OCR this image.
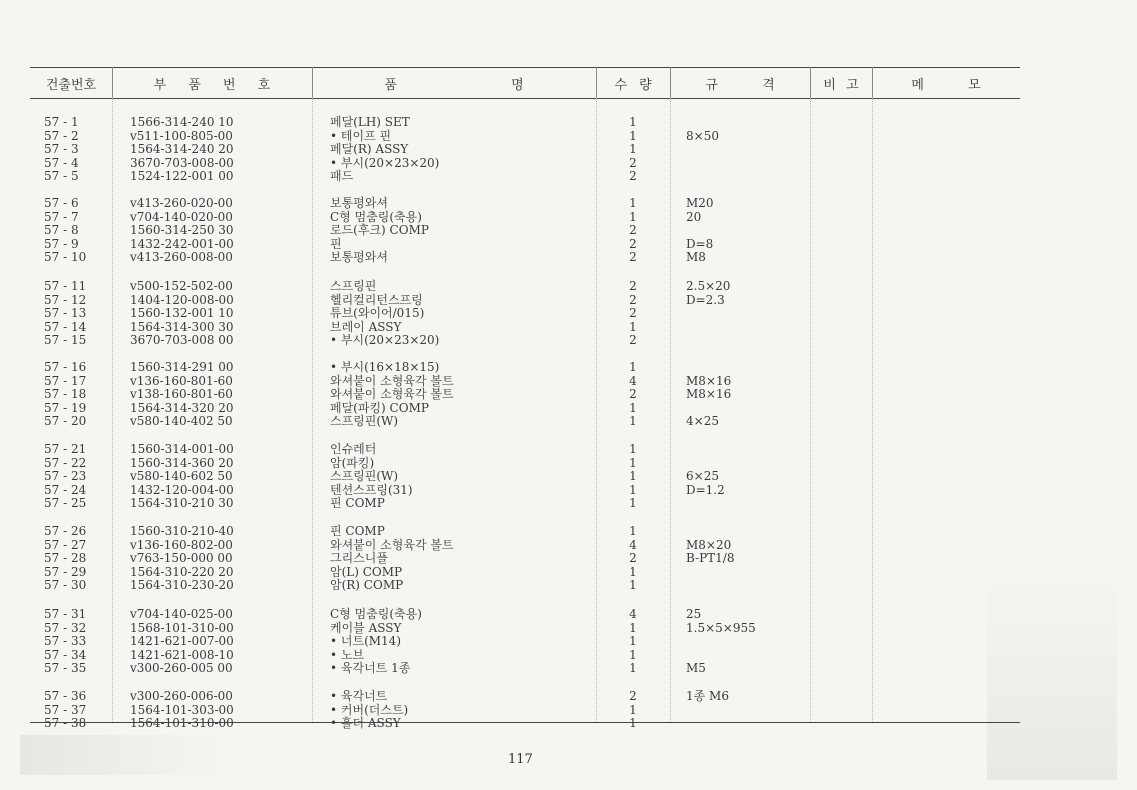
건출번호	부 품 번 호	품 명	수 량	규 격	비 고	메 모
57 - 1	1566-314-240 10	페달(LH) SET	1
57 - 2	v511-100-805-00	• 테이프 핀	1	8×50
57 - 3	1564-314-240 20	페달(R) ASSY	1
57 - 4	3670-703-008-00	• 부시(20×23×20)	2
57 - 5	1524-122-001 00	패드	2
57 - 6	v413-260-020-00	보통평와셔	1	M20
57 - 7	v704-140-020-00	C형 멈춤링(축용)	1	20
57 - 8	1560-314-250 30	로드(후크) COMP	2
57 - 9	1432-242-001-00	핀	2	D=8
57 - 10	v413-260-008-00	보통평와셔	2	M8
57 - 11	v500-152-502-00	스프링핀	2	2.5×20
57 - 12	1404-120-008-00	헬리컬리턴스프링	2	D=2.3
57 - 13	1560-132-001 10	튜브(와이어/015)	2
57 - 14	1564-314-300 30	브레이 ASSY	1
57 - 15	3670-703-008 00	• 부시(20×23×20)	2
57 - 16	1560-314-291 00	• 부시(16×18×15)	1
57 - 17	v136-160-801-60	와셔붙이 소형육각 볼트	4	M8×16
57 - 18	v138-160-801-60	와셔붙이 소형육각 볼트	2	M8×16
57 - 19	1564-314-320 20	페달(파킹) COMP	1
57 - 20	v580-140-402 50	스프링핀(W)	1	4×25
57 - 21	1560-314-001-00	인슈레터	1
57 - 22	1560-314-360 20	암(파킹)	1
57 - 23	v580-140-602 50	스프링핀(W)	1	6×25
57 - 24	1432-120-004-00	텐션스프링(31)	1	D=1.2
57 - 25	1564-310-210 30	핀 COMP	1
57 - 26	1560-310-210-40	핀 COMP	1
57 - 27	v136-160-802-00	와셔붙이 소형육각 볼트	4	M8×20
57 - 28	v763-150-000 00	그리스니플	2	B-PT1/8
57 - 29	1564-310-220 20	암(L) COMP	1
57 - 30	1564-310-230-20	암(R) COMP	1
57 - 31	v704-140-025-00	C형 멈춤링(축용)	4	25
57 - 32	1568-101-310-00	케이블 ASSY	1	1.5×5×955
57 - 33	1421-621-007-00	• 너트(M14)	1
57 - 34	1421-621-008-10	• 노브	1
57 - 35	v300-260-005 00	• 육각너트 1종	1	M5
57 - 36	v300-260-006-00	• 육각너트	2	1종 M6
57 - 37	1564-101-303-00	• 커버(더스트)	1
57 - 38	1564-101-310-00	• 홀더 ASSY	1
117
